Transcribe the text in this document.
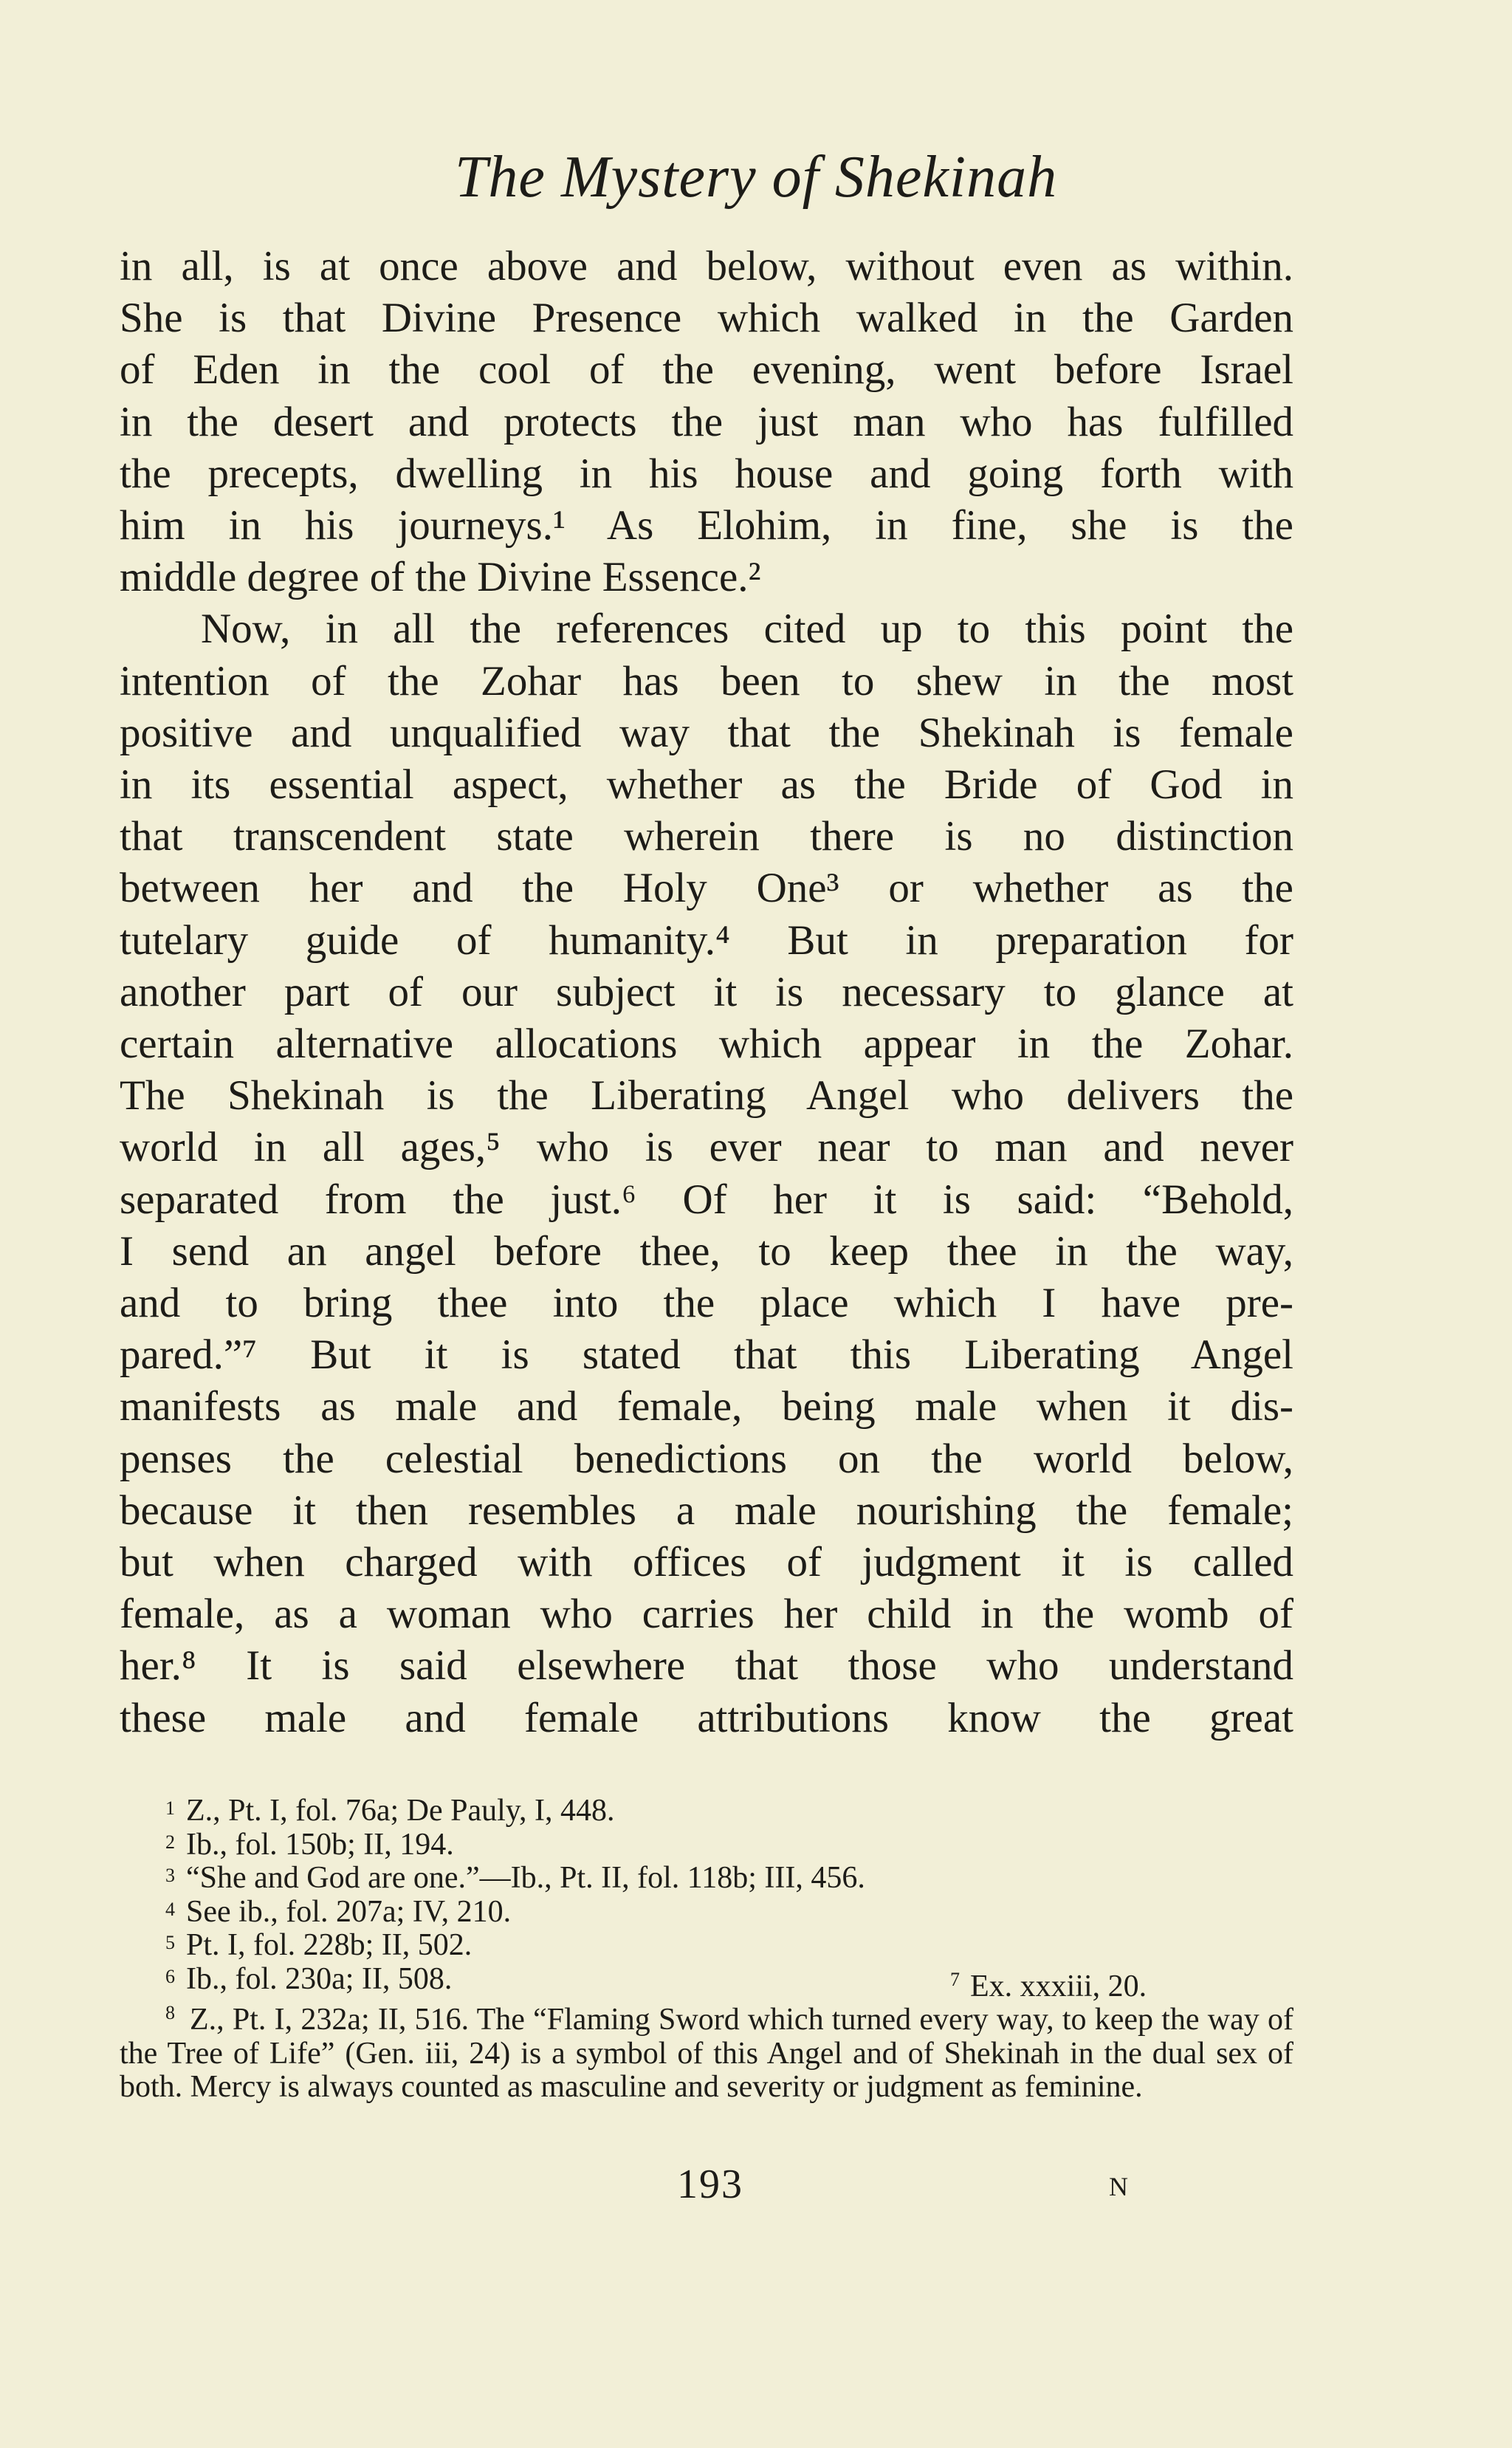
The Mystery of Shekinah
in all, is at once above and below, without even as within.
She is that Divine Presence which walked in the Garden
of Eden in the cool of the evening, went before Israel
in the desert and protects the just man who has fulfilled
the precepts, dwelling in his house and going forth with
him in his journeys.¹ As Elohim, in fine, she is the
middle degree of the Divine Essence.²
Now, in all the references cited up to this point the
intention of the Zohar has been to shew in the most
positive and unqualified way that the Shekinah is female
in its essential aspect, whether as the Bride of God in
that transcendent state wherein there is no distinction
between her and the Holy One³ or whether as the
tutelary guide of humanity.⁴ But in preparation for
another part of our subject it is necessary to glance at
certain alternative allocations which appear in the Zohar.
The Shekinah is the Liberating Angel who delivers the
world in all ages,⁵ who is ever near to man and never
separated from the just.⁶ Of her it is said: “Behold,
I send an angel before thee, to keep thee in the way,
and to bring thee into the place which I have pre-
pared.”⁷ But it is stated that this Liberating Angel
manifests as male and female, being male when it dis-
penses the celestial benedictions on the world below,
because it then resembles a male nourishing the female;
but when charged with offices of judgment it is called
female, as a woman who carries her child in the womb of
her.⁸ It is said elsewhere that those who understand
these male and female attributions know the great
1 Z., Pt. I, fol. 76a; De Pauly, I, 448.
2 Ib., fol. 150b; II, 194.
3 “She and God are one.”—Ib., Pt. II, fol. 118b; III, 456.
4 See ib., fol. 207a; IV, 210.
5 Pt. I, fol. 228b; II, 502.
6 Ib., fol. 230a; II, 508.	$^7$ Ex. xxxiii, 20.
$^8$ Z., Pt. I, 232a; II, 516. The “Flaming Sword which turned every way, to keep the way of the Tree of Life” (Gen. iii, 24) is a symbol of this Angel and of Shekinah in the dual sex of both. Mercy is always counted as masculine and severity or judgment as feminine.
193	N
